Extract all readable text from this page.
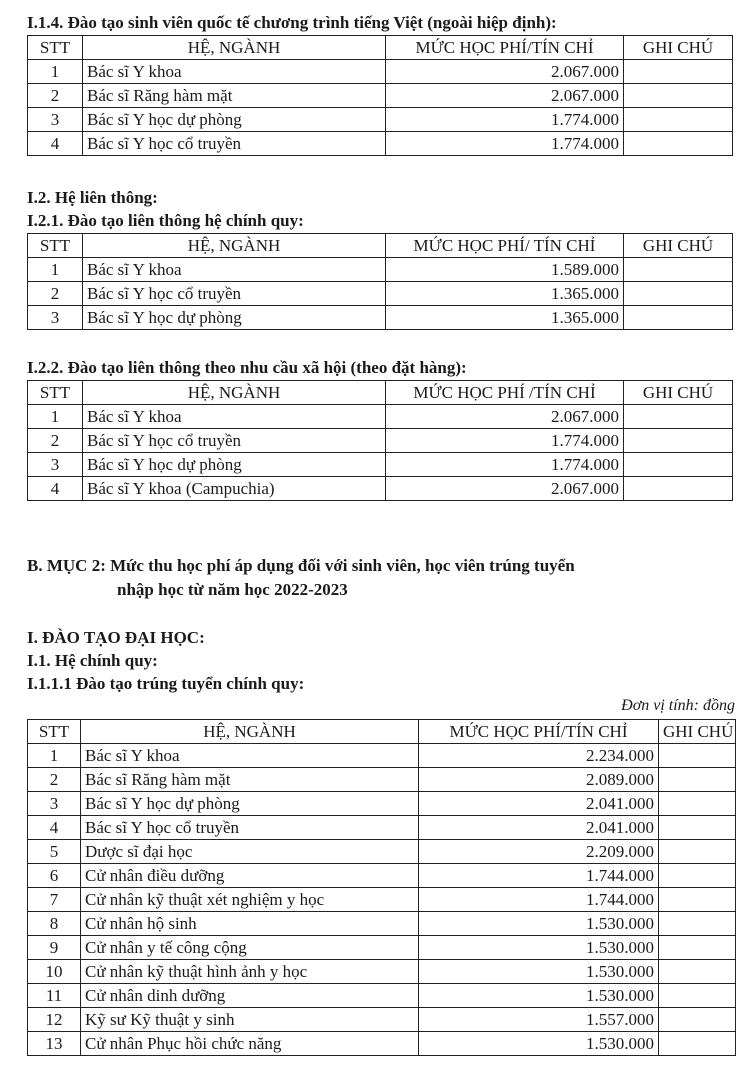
I.1.4. Đào tạo sinh viên quốc tế chương trình tiếng Việt (ngoài hiệp định):
STT	HỆ, NGÀNH	MỨC HỌC PHÍ/TÍN CHỈ	GHI CHÚ
1	Bác sĩ Y khoa	2.067.000	
2	Bác sĩ Răng hàm mặt	2.067.000	
3	Bác sĩ Y học dự phòng	1.774.000	
4	Bác sĩ Y học cổ truyền	1.774.000	
I.2. Hệ liên thông:
I.2.1. Đào tạo liên thông hệ chính quy:
STT	HỆ, NGÀNH	MỨC HỌC PHÍ/ TÍN CHỈ	GHI CHÚ
1	Bác sĩ Y khoa	1.589.000	
2	Bác sĩ Y học cổ truyền	1.365.000	
3	Bác sĩ Y học dự phòng	1.365.000	
I.2.2. Đào tạo liên thông theo nhu cầu xã hội (theo đặt hàng):
STT	HỆ, NGÀNH	MỨC HỌC PHÍ /TÍN CHỈ	GHI CHÚ
1	Bác sĩ Y khoa	2.067.000	
2	Bác sĩ Y học cổ truyền	1.774.000	
3	Bác sĩ Y học dự phòng	1.774.000	
4	Bác sĩ Y khoa (Campuchia)	2.067.000	
B. MỤC 2: Mức thu học phí áp dụng đối với sinh viên, học viên trúng tuyển
nhập học từ năm học 2022-2023
I. ĐÀO TẠO ĐẠI HỌC:
I.1. Hệ chính quy:
I.1.1.1 Đào tạo trúng tuyển chính quy:
Đơn vị tính: đồng
STT	HỆ, NGÀNH	MỨC HỌC PHÍ/TÍN CHỈ	GHI CHÚ
1	Bác sĩ Y khoa	2.234.000	
2	Bác sĩ Răng hàm mặt	2.089.000	
3	Bác sĩ Y học dự phòng	2.041.000	
4	Bác sĩ Y học cổ truyền	2.041.000	
5	Dược sĩ đại học	2.209.000	
6	Cử nhân điều dưỡng	1.744.000	
7	Cử nhân kỹ thuật xét nghiệm y học	1.744.000	
8	Cử nhân hộ sinh	1.530.000	
9	Cử nhân y tế công cộng	1.530.000	
10	Cử nhân kỹ thuật hình ảnh y học	1.530.000	
11	Cử nhân dinh dưỡng	1.530.000	
12	Kỹ sư Kỹ thuật y sinh	1.557.000	
13	Cử nhân Phục hồi chức năng	1.530.000	
